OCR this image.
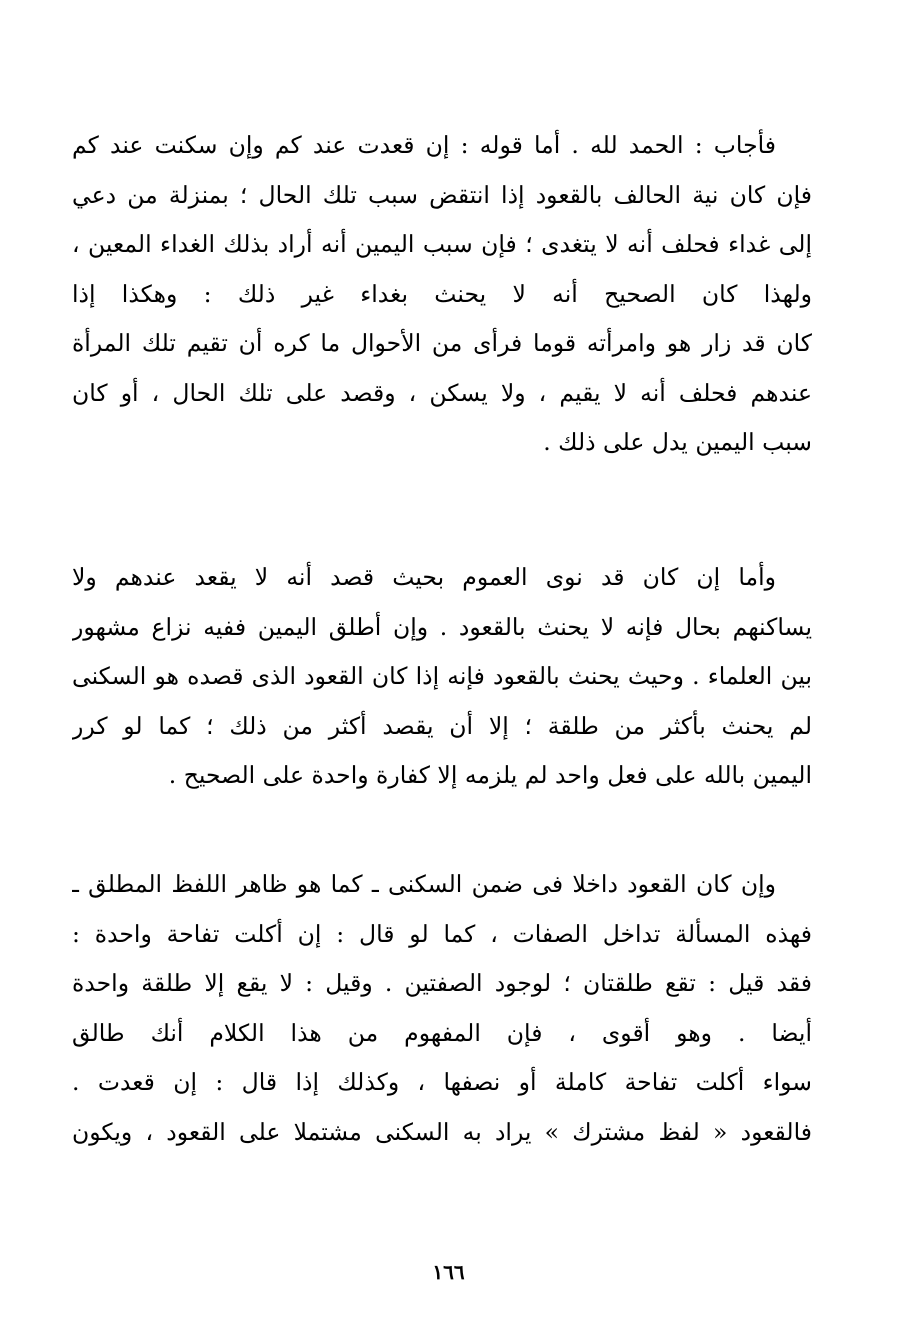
فأجاب : الحمد لله . أما قوله : إن قعدت عند كم وإن سكنت عند كم
فإن كان نية الحالف بالقعود إذا انتقض سبب تلك الحال ؛ بمنزلة من دعي
إلى غداء فحلف أنه لا يتغدى ؛ فإن سبب اليمين أنه أراد بذلك الغداء المعين ،
ولهذا كان الصحيح أنه لا يحنث بغداء غير ذلك : وهكذا إذا
كان قد زار هو وامرأته قوما فرأى من الأحوال ما كره أن تقيم تلك المرأة
عندهم فحلف أنه لا يقيم ، ولا يسكن ، وقصد على تلك الحال ، أو كان
سبب اليمين يدل على ذلك .
وأما إن كان قد نوى العموم بحيث قصد أنه لا يقعد عندهم ولا
يساكنهم بحال فإنه لا يحنث بالقعود . وإن أطلق اليمين ففيه نزاع مشهور
بين العلماء . وحيث يحنث بالقعود فإنه إذا كان القعود الذى قصده هو السكنى
لم يحنث بأكثر من طلقة ؛ إلا أن يقصد أكثر من ذلك ؛ كما لو كرر
اليمين بالله على فعل واحد لم يلزمه إلا كفارة واحدة على الصحيح .
وإن كان القعود داخلا فى ضمن السكنى ـ كما هو ظاهر اللفظ المطلق ـ
فهذه المسألة تداخل الصفات ، كما لو قال : إن أكلت تفاحة واحدة :
فقد قيل : تقع طلقتان ؛ لوجود الصفتين . وقيل : لا يقع إلا طلقة واحدة
أيضا . وهو أقوى ، فإن المفهوم من هذا الكلام أنك طالق
سواء أكلت تفاحة كاملة أو نصفها ، وكذلك إذا قال : إن قعدت .
فالقعود « لفظ مشترك » يراد به السكنى مشتملا على القعود ، ويكون
١٦٦
